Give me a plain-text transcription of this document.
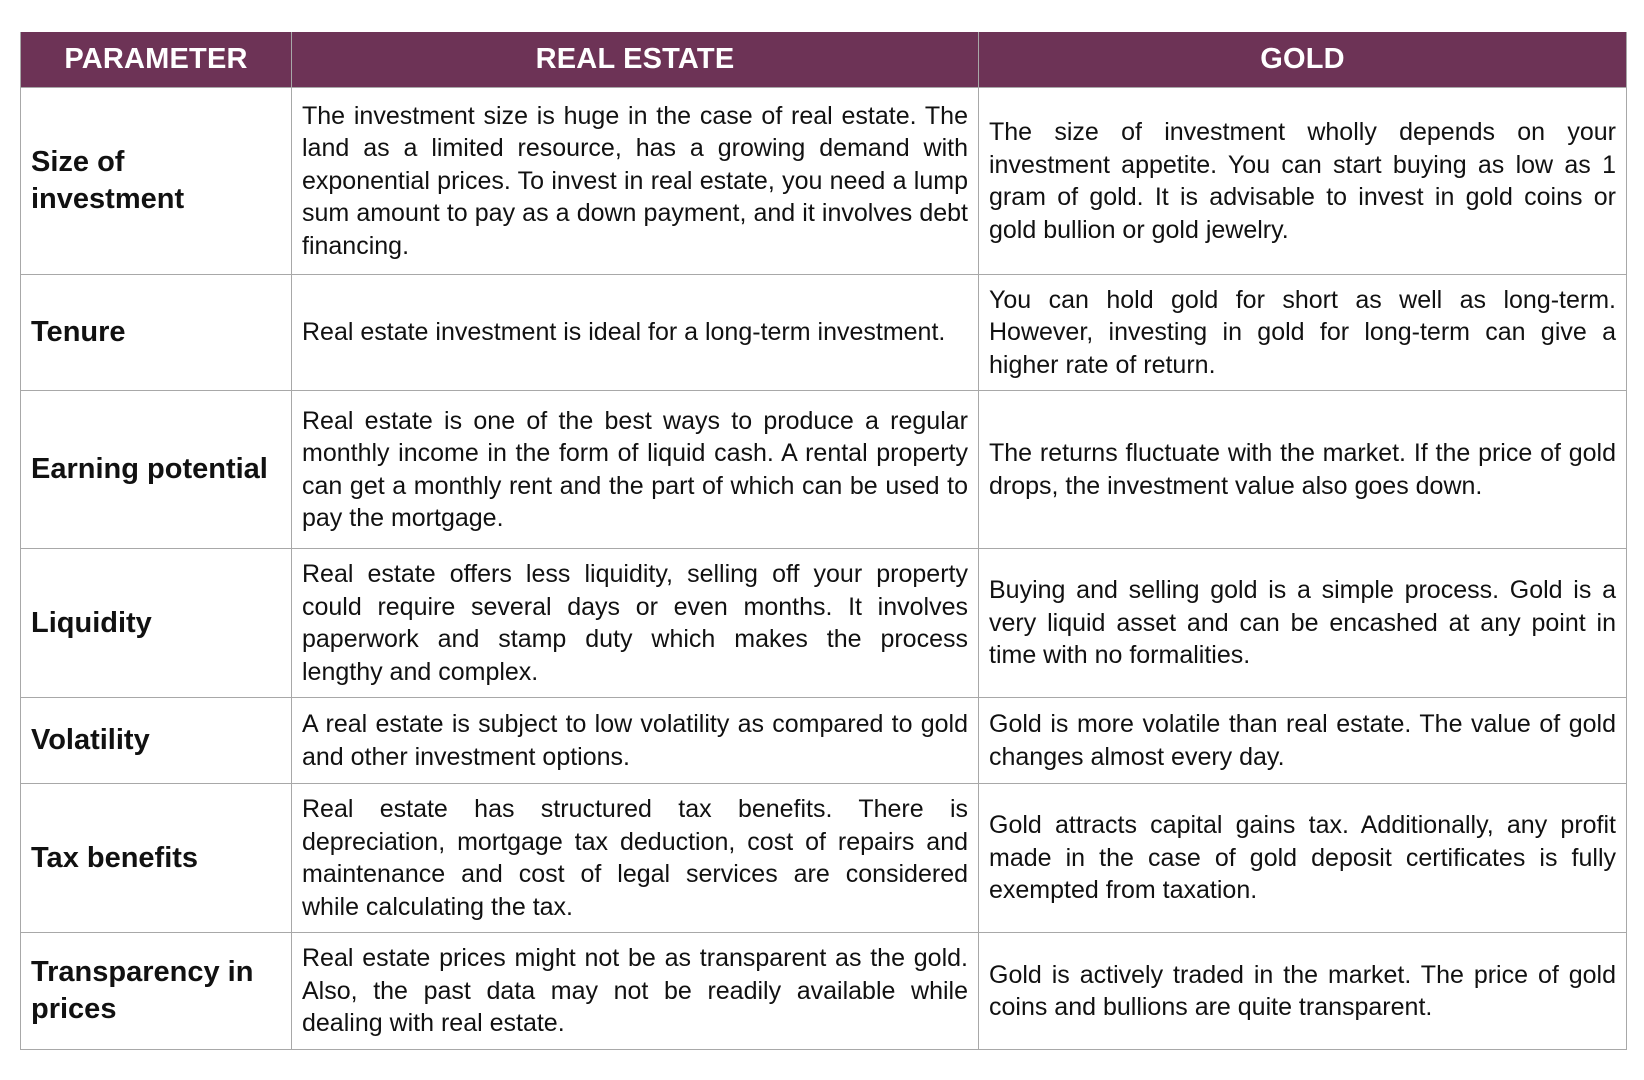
PARAMETER	REAL ESTATE	GOLD
Size of investment	The investment size is huge in the case of real estate. The land as a limited resource, has a growing demand with exponential prices. To invest in real estate, you need a lump sum amount to pay as a down payment, and it involves debt financing.	The size of investment wholly depends on your investment appetite. You can start buying as low as 1 gram of gold. It is advisable to invest in gold coins or gold bullion or gold jewelry.
Tenure	Real estate investment is ideal for a long-term investment.	You can hold gold for short as well as long-term. However, investing in gold for long-term can give a higher rate of return.
Earning potential	Real estate is one of the best ways to produce a regular monthly income in the form of liquid cash. A rental property can get a monthly rent and the part of which can be used to pay the mortgage.	The returns fluctuate with the market. If the price of gold drops, the investment value also goes down.
Liquidity	Real estate offers less liquidity, selling off your property could require several days or even months. It involves paperwork and stamp duty which makes the process lengthy and complex.	Buying and selling gold is a simple process. Gold is a very liquid asset and can be encashed at any point in time with no formalities.
Volatility	A real estate is subject to low volatility as compared to gold and other investment options.	Gold is more volatile than real estate. The value of gold changes almost every day.
Tax benefits	Real estate has structured tax benefits. There is depreciation, mortgage tax deduction, cost of repairs and maintenance and cost of legal services are considered while calculating the tax.	Gold attracts capital gains tax. Additionally, any profit made in the case of gold deposit certificates is fully exempted from taxation.
Transparency in prices	Real estate prices might not be as transparent as the gold. Also, the past data may not be readily available while dealing with real estate.	Gold is actively traded in the market. The price of gold coins and bullions are quite transparent.
